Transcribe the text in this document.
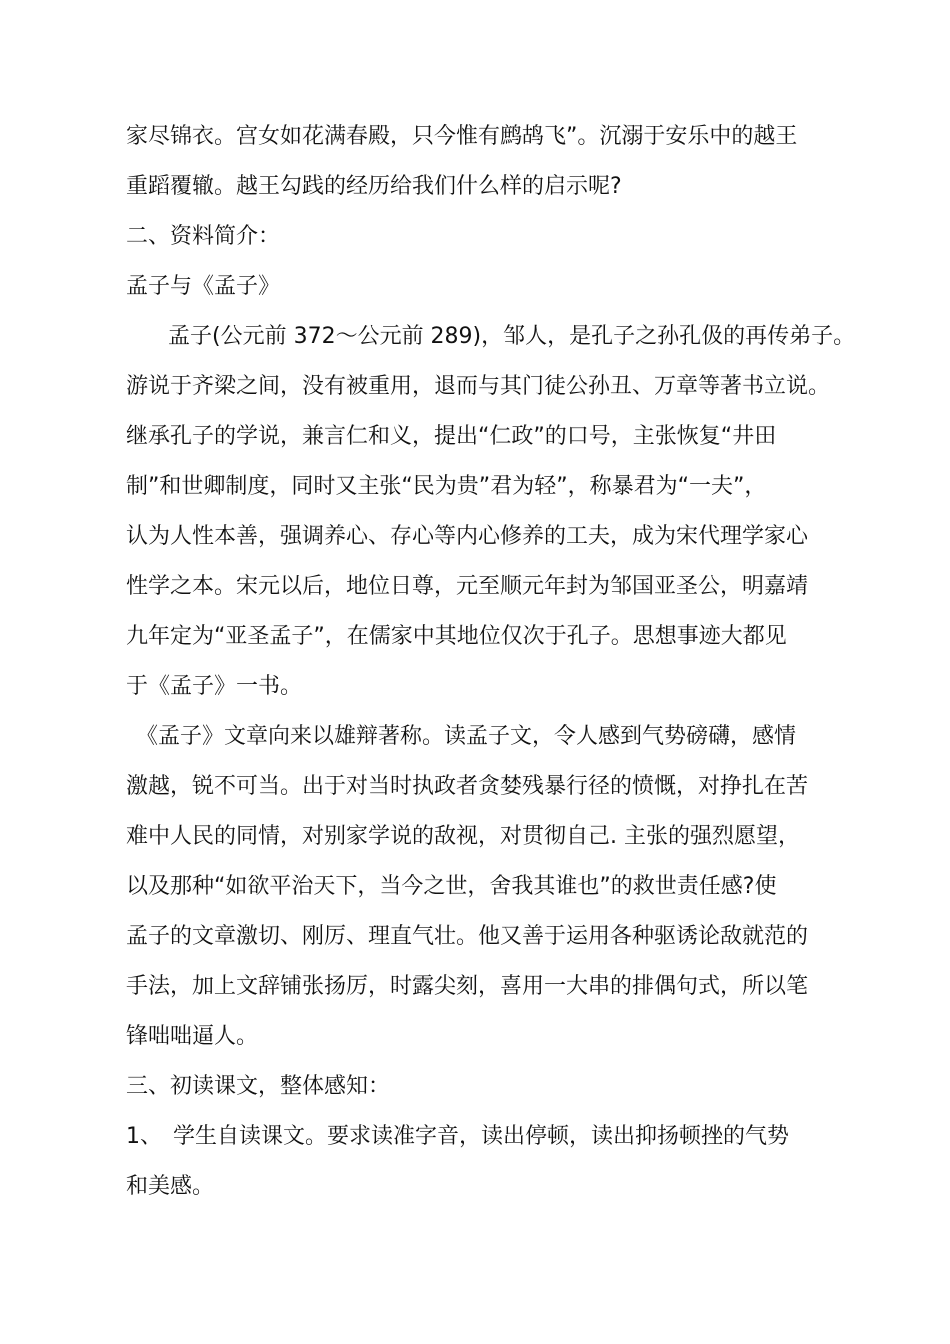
家尽锦衣。宫女如花满春殿，只今惟有鹧鸪飞”。沉溺于安乐中的越王
重蹈覆辙。越王勾践的经历给我们什么样的启示呢?
二、资料简介：
孟子与《孟子》
孟子(公元前 372～公元前 289)，邹人，是孔子之孙孔伋的再传弟子。
游说于齐梁之间，没有被重用，退而与其门徒公孙丑、万章等著书立说。
继承孔子的学说，兼言仁和义，提出“仁政”的口号，主张恢复“井田
制”和世卿制度，同时又主张“民为贵”君为轻”，称暴君为“一夫”，
认为人性本善，强调养心、存心等内心修养的工夫，成为宋代理学家心
性学之本。宋元以后，地位日尊，元至顺元年封为邹国亚圣公，明嘉靖
九年定为“亚圣孟子”，在儒家中其地位仅次于孔子。思想事迹大都见
于《孟子》一书。
《孟子》文章向来以雄辩著称。读孟子文，令人感到气势磅礴，感情
激越，锐不可当。出于对当时执政者贪婪残暴行径的愤慨，对挣扎在苦
难中人民的同情，对别家学说的敌视，对贯彻自己. 主张的强烈愿望，
以及那种“如欲平治天下，当今之世，舍我其谁也”的救世责任感?使
孟子的文章激切、刚厉、理直气壮。他又善于运用各种驱诱论敌就范的
手法，加上文辞铺张扬厉，时露尖刻，喜用一大串的排偶句式，所以笔
锋咄咄逼人。
三、初读课文，整体感知：
1、　学生自读课文。要求读准字音，读出停顿，读出抑扬顿挫的气势
和美感。
